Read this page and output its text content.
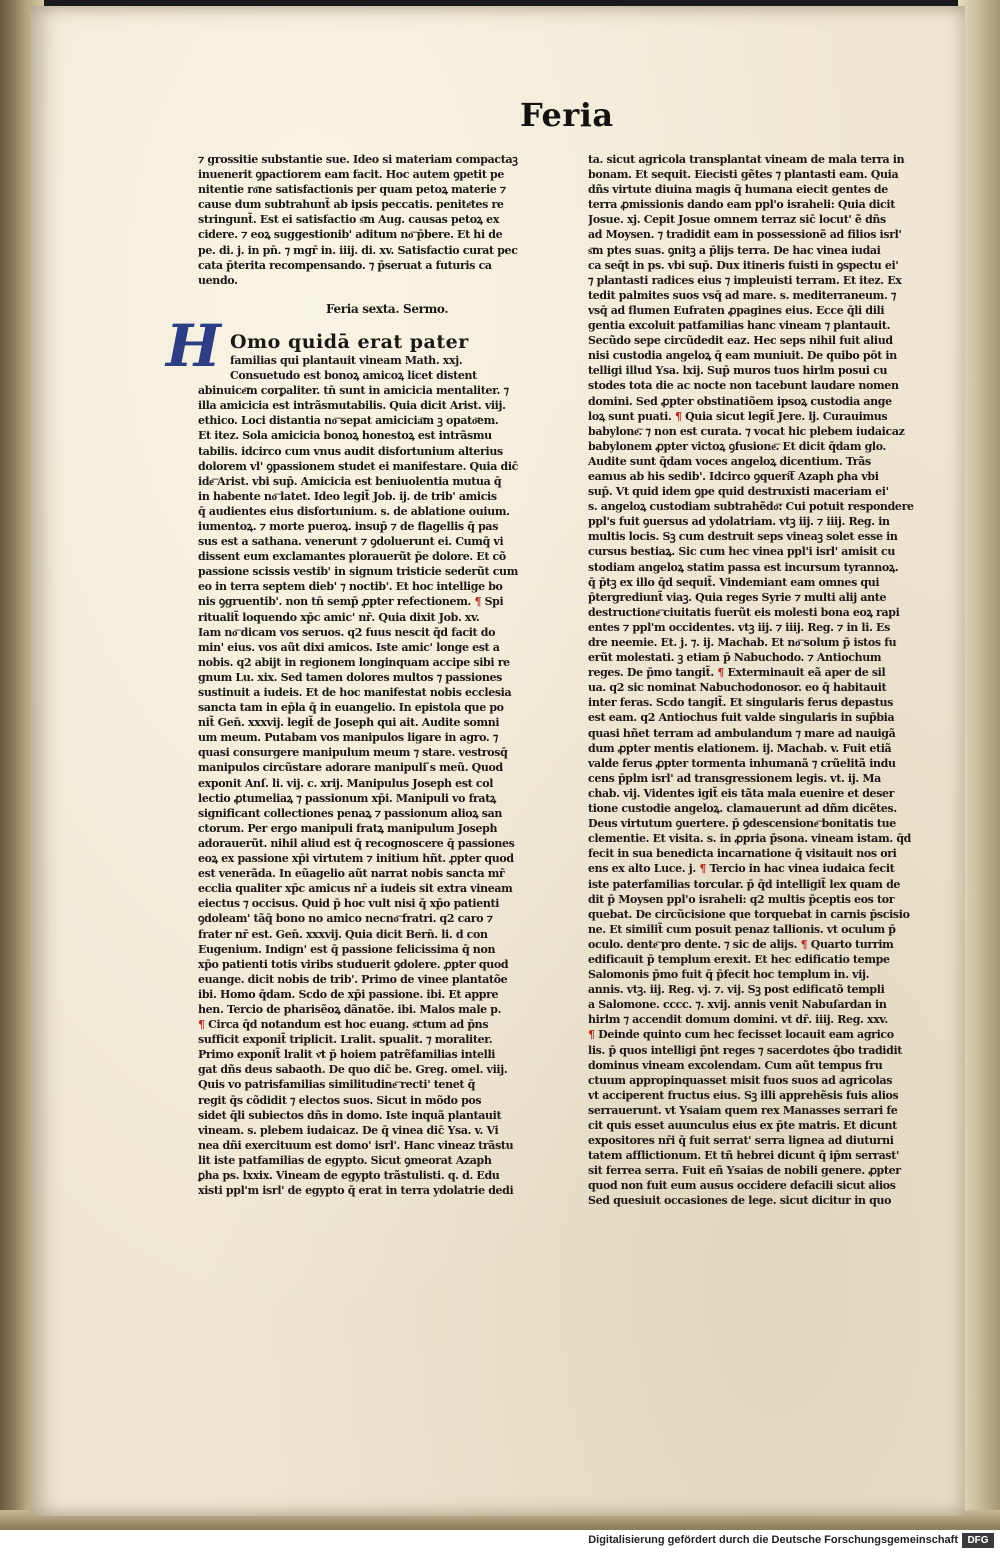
Feria

⁊ grossitie substantie sue. Ideo si materiam compactaꝫ

inuenerit ꝯpactiorem eam facit. Hoc autem ꝯpetit pe

nitentie ro͞ne satisfactionis per quam petoꝝ materie ⁊

cause dum subtrahunt̃ ab ipsis peccatis. penite͞tes re

stringunt̃. Est ei satisfactio s͞m Aug. causas petoꝝ ex

cidere. ⁊ eoꝝ suggestionib' aditum no͞ p̄bere. Et hi de

pe. di. j. in pn̄. ⁊ mgr̄ in. iiij. di. xv. Satisfactio curat pec

cata p̄terita recompensando. ⁊ p̄seruat a futuris ca

uendo.

Feria sexta. Sermo.

H Omo quidā erat pater

familias qui plantauit vineam Math. xxj.

Consuetudo est bonoꝝ amicoꝝ licet distent

abinuice͞m corꝑaliter. tn̄ sunt in amicicia mentaliter. ⁊

illa amicicia est intrãsmutabilis. Quia dicit Arist. viij.

ethico. Loci distantia no͞ sepat amicicia͞m ꝫ opato͞em.

Et itez. Sola amicicia bonoꝝ honestoꝝ est intrãsmu

tabilis. idcirco cum vnus audit disfortunium alterius

dolorem vl' ꝯpassionem studet ei manifestare. Quia dic̄

ide͞ Arist. vbi sup̄. Amicicia est beniuolentia mutua q̄

in habente no͞ latet. Ideo legit̃ Job. ij. de trib' amicis

q̄ audientes eius disfortunium. s. de ablatione ouium.

iumentoꝝ. ⁊ morte pueroꝝ. insup̄ ⁊ de flagellis q̄ pas

sus est a sathana. venerunt ⁊ ꝯdoluerunt ei. Cumq̄ vi

dissent eum exclamantes plorauerũt p̄e dolore. Et cõ

passione scissis vestib' in signum tristicie sederũt cum

eo in terra septem dieb' ⁊ noctib'. Et hoc intellige bo

nis ꝯgruentib'. non tn̄ semp̄ ꝓpter refectionem. ¶ Spi

ritualit̃ loquendo xp̄c amic' nr̄. Quia dixit Job. xv.

Iam no͞ dicam vos seruos. q2 fuus nescit q̄d facit do

min' eius. vos aũt dixi amicos. Iste amic' longe est a

nobis. q2 abijt in regionem longinquam accipe sibi re

gnum Lu. xix. Sed tamen dolores multos ⁊ passiones

sustinuit a iudeis. Et de hoc manifestat nobis ecclesia

sancta tam in ep̄la q̄ in euangelio. In epistola que po

nit̃ Gen̄. xxxvij. legit̃ de Joseph qui ait. Audite somni

um meum. Putabam vos manipulos ligare in agro. ⁊

quasi consurgere manipulum meum ⁊ stare. vestrosq̄

manipulos circũstare adorare manipuli ̄s meũ. Quod

exponit Anſ. li. vij. c. xrij. Manipulus Joseph est col

lectio ꝓtumeliaꝝ ⁊ passionum xp̄i. Manipuli vo fratꝝ

significant collectiones penaꝝ ⁊ passionum alioꝝ san

ctorum. Per ergo manipuli fratꝝ manipulum Joseph

adorauerũt. nihil aliud est q̄ recognoscere q̄ passiones

eoꝝ ex passione xp̄i virtutem ⁊ initium hñt. ꝓpter quod

est venerãda. In eũagelio aũt narrat nobis sancta mr̄

ecclia qualiter xp̄c amicus nr̄ a iudeis sit extra vineam

eiectus ⁊ occisus. Quid p̄ hoc vult nisi q̄ xp̄o patienti

ꝯdoleam' tãq̄ bono no amico necno͞ fratri. q2 caro ⁊

frater nr̄ est. Gen̄. xxxvij. Quia dicit Bern̄. li. d con

Eugenium. Indign' est q̄ passione felicissima q̄ non

xp̄o patienti totis viribs studuerit ꝯdolere. ꝓpter quod

euange. dicit nobis de trib'. Primo de vinee plantatõe

ibi. Homo q̄dam. Scdo de xp̄i passione. ibi. Et appre

hen. Tercio de pharisẽoꝝ dãnatõe. ibi. Malos male p.

¶ Circa q̄d notandum est hoc euang. s͞ctum ad p̄ns

sufficit exponit̃ triplicit. Lralit. spualit. ⁊ moraliter.

Primo exponit̃ lralit v͞t p̄ hoiem patrẽfamilias intelli

gat dñs deus sabaoth. De quo dic̄ be. Greg. omel. viij.

Quis vo patrisfamilias similitudine͞ recti' tenet q̄

regit q̄s cõdidit ⁊ electos suos. Sicut in mõdo pos

sidet q̄li subiectos dñs in domo. Iste inquã plantauit

vineam. s. plebem iudaicaz. De q̄ vinea dic̄ Ysa. v. Vi

nea dñi exercituum est domo' isrl'. Hanc vineaz trãstu

lit iste patfamilias de egypto. Sicut ꝯmeorat Azaph

ꝑha ps. lxxix. Vineam de egypto trãstulisti. q. d. Edu

xisti ppl'm isrl' de egypto q̄ erat in terra ydolatrie dedi

ta. sicut agricola transplantat vineam de mala terra in

bonam. Et sequit. Eiecisti gẽtes ⁊ plantasti eam. Quia

dñs virtute diuina magis q̄ humana eiecit gentes de

terra ꝓmissionis dando eam ppl'o israheli: Quia dicit

Josue. xj. Cepit Josue omnem terraz sic̄ locut' ẽ dñs

ad Moysen. ⁊ tradidit eam in possessionẽ ad filios isrl'

s͞m ptes suas. ꝯnitꝫ a p̄lijs terra. De hac vinea iudai

ca seq̄t in ps. vbi sup̄. Dux itineris fuisti in ꝯspectu ei'

⁊ plantasti radices eius ⁊ impleuisti terram. Et itez. Ex

tedit palmites suos vsq̄ ad mare. s. mediterraneum. ⁊

vsq̄ ad flumen Eufraten ꝓpagines eius. Ecce q̄li dili

gentia excoluit patfamilias hanc vineam ⁊ plantauit.

Secũdo sepe circũdedit eaz. Hec seps nihil fuit aliud

nisi custodia angeloꝝ q̄ eam muniuit. De quibo pōt in

telligi illud Ysa. lxij. Sup̄ muros tuos hirlm posui cu

stodes tota die ac nocte non tacebunt laudare nomen

domini. Sed ꝓpter obstinatiõem ipsoꝝ custodia ange

loꝝ sunt puati. ¶ Quia sicut legit̃ Jere. lj. Curauimus

babylone͞. ⁊ non est curata. ⁊ vocat hic plebem iudaicaz

babylonem ꝓpter victoꝝ ꝯfusione͞. Et dicit q̄dam glo.

Audite sunt q̄dam voces angeloꝝ dicentium. Trãs

eamus ab his sedib'. Idcirco ꝯqueri͞t Azaph ꝑha vbi

sup̄. Vt quid idem ꝯpe quid destruxisti maceriam ei'

s. angeloꝝ custodiam subtrahẽdo͞: Cui potuit respondere

ppl's fuit ꝯuersus ad ydolatriam. vtꝫ iij. ⁊ iiij. Reg. in

multis locis. Sꝫ cum destruit seps vineaꝫ solet esse in

cursus bestiaꝝ. Sic cum hec vinea ppl'i isrl' amisit cu

stodiam angeloꝝ statim passa est incursum tyrannoꝝ.

q̄ p̄tꝫ ex illo q̄d sequit̃. Vindemiant eam omnes qui

p̄tergrediunt̃ viaꝫ. Quia reges Syrie ⁊ multi alij ante

destructione͞ ciuitatis fuerũt eis molesti bona eoꝝ rapi

entes ⁊ ppl'm occidentes. vtꝫ iij. ⁊ iiij. Reg. ⁊ in li. Es

dre neemie. Et. j. ⁊. ij. Machab. Et no͞ solum p̄ istos fu

erũt molestati. ꝫ etiam p̄ Nabuchodo. ⁊ Antiochum

reges. De p̄mo tangit̃. ¶ Exterminauit eã aper de sil

ua. q2 sic nominat Nabuchodonosor. eo q̄ habitauit

inter feras. Scdo tangit̃. Et singularis ferus depastus

est eam. q2 Antiochus fuit valde singularis in sup̄bia

quasi hñet terram ad ambulandum ⁊ mare ad nauigã

dum ꝓpter mentis elationem. ij. Machab. v. Fuit etiã

valde ferus ꝓpter tormenta inhumanã ⁊ crũelitã indu

cens p̄plm isrl' ad transgressionem legis. vt. ij. Ma

chab. vij. Videntes igit̃ eis tãta mala euenire et deser

tione custodie angeloꝝ. clamauerunt ad dñm dicẽtes.

Deus virtutum ꝯuertere. p̄ ꝯdescensione͞ bonitatis tue

clementie. Et visita. s. in ꝓpria p̄sona. vineam istam. q̄d

fecit in sua benedicta incarnatione q̄ visitauit nos ori

ens ex alto Luce. j. ¶ Tercio in hac vinea iudaica fecit

iste paterfamilias torcular. p̄ q̄d intelligit̃ lex quam de

dit p̄ Moysen ppl'o israheli: q2 multis p̄ceptis eos tor

quebat. De circũcisione que torquebat in carnis p̄scisio

ne. Et similit̃ cum posuit penaz tallionis. vt oculum p̄

oculo. dente͞ pro dente. ⁊ sic de alijs. ¶ Quarto turrim

edificauit p̄ templum erexit. Et hec edificatio tempe

Salomonis p̄mo fuit q̄ p̄fecit hoc templum in. vij.

annis. vtꝫ. iij. Reg. vj. ⁊. vij. Sꝫ post edificatõ templi

a Salomone. cccc. ⁊. xvij. annis venit Nabuſardan in

hirlm ⁊ accendit domum domini. vt dr̄. iiij. Reg. xxv.

¶ Deinde quinto cum hec fecisset locauit eam agrico

lis. p̄ quos intelligi p̄nt reges ⁊ sacerdotes q̄bo tradidit

dominus vineam excolendam. Cum aũt tempus fru

ctuum appropinquasset misit fuos suos ad agricolas

vt acciperent fructus eius. Sꝫ illi apprehẽsis fuis alios

serrauerunt. vt Ysaiam quem rex Manasses serrari fe

cit quis esset auunculus eius ex p̄te matris. Et dicunt

expositores nr̄i q̄ fuit serrat' serra lignea ad diuturni

tatem afflictionum. Et tñ hebrei dicunt q̄ ip̄m serrast'

sit ferrea serra. Fuit eñ Ysaias de nobili genere. ꝓpter

quod non fuit eum ausus occidere defacili sicut alios

Sed quesiuit occasiones de lege. sicut dicitur in quo

Digitalisierung gefördert durch die Deutsche Forschungsgemeinschaft DFG
